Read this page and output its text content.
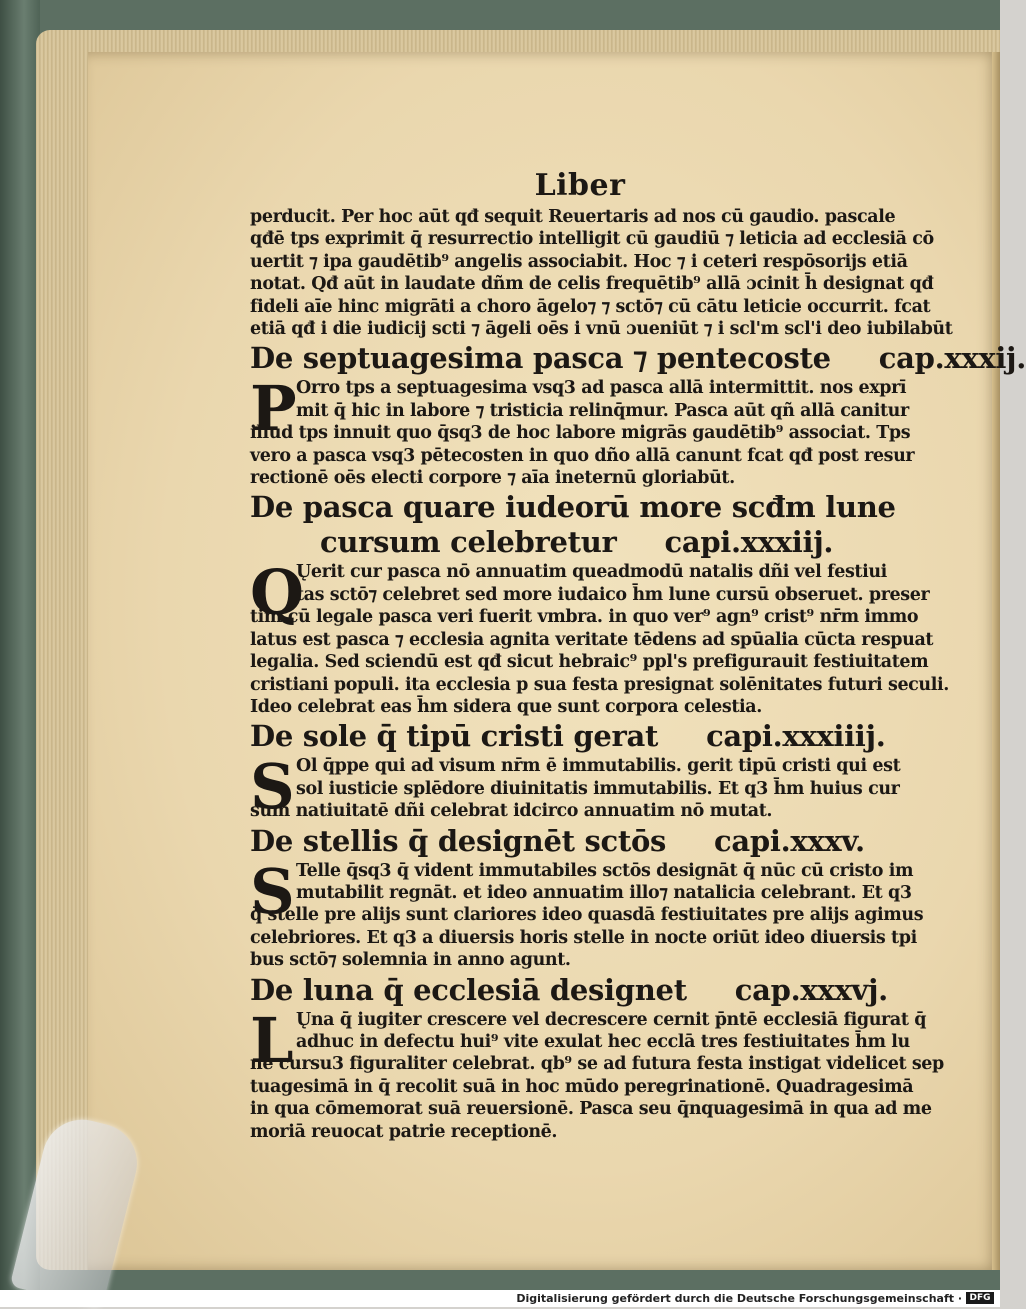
Liber
perducit. Per hoc aūt qđ sequit Reuertaris ad nos cū gaudio. pascale
qđē tps exprimit q̄ resurrectio intelligit cū gaudiū ⁊ leticia ad ecclesiā cō
uertit ⁊ ipa gaudētib⁹ angelis associabit. Hoc ⁊ i ceteri respōsorijs etiā
notat. Qđ aūt in laudate dñm de celis frequētib⁹ allā ɔcinit h̄ designat qđ
fideli aīe hinc migrāti a choro āgelo⁊ ⁊ sctō⁊ cū cātu leticie occurrit. fcat
etiā qđ i die iudicij scti ⁊ āgeli oēs i vnū ɔueniūt ⁊ i scl'm scl'i deo iubilabūt
De septuagesima pasca ⁊ pentecoste cap.xxxij.
P Orro tps a septuagesima vsq3 ad pasca allā intermittit. nos exprī
mit q̄ hic in labore ⁊ tristicia relinq̄mur. Pasca aūt qñ allā canitur
illud tps innuit quo q̄sq3 de hoc labore migrās gaudētib⁹ associat. Tps
vero a pasca vsq3 pētecosten in quo dño allā canunt fcat qđ post resur
rectionē oēs electi corpore ⁊ aīa ineternū gloriabūt.
De pasca quare iudeorū more scđm lune
cursum celebretur capi.xxxiij.
Q
Ųerit cur pasca nō annuatim queadmodū natalis dñi vel festiui
tas sctō⁊ celebret sed more iudaico h̄m lune cursū obseruet. preser
tim cū legale pasca veri fuerit vmbra. in quo ver⁹ agn⁹ crist⁹ nr̄m immo
latus est pasca ⁊ ecclesia agnita veritate tēdens ad spūalia cūcta respuat
legalia. Sed sciendū est qđ sicut hebraic⁹ ppl's prefigurauit festiuitatem
cristiani populi. ita ecclesia p sua festa presignat solēnitates futuri seculi.
Ideo celebrat eas h̄m sidera que sunt corpora celestia.
De sole q̄ tipū cristi gerat capi.xxxiiij.
S Ol q̄ppe qui ad visum nr̄m ē immutabilis. gerit tipū cristi qui est
sol iusticie splēdore diuinitatis immutabilis. Et q3 h̄m huius cur
sum natiuitatē dñi celebrat idcirco annuatim nō mutat.
De stellis q̄ designēt sctōs capi.xxxv.
S Telle q̄sq3 q̄ vident immutabiles sctōs designāt q̄ nūc cū cristo im
mutabilit regnāt. et ideo annuatim illo⁊ natalicia celebrant. Et q3
q̄ stelle pre alijs sunt clariores ideo quasdā festiuitates pre alijs agimus
celebriores. Et q3 a diuersis horis stelle in nocte oriūt ideo diuersis tpi
bus sctō⁊ solemnia in anno agunt.
De luna q̄ ecclesiā designet cap.xxxvj.
L Ųna q̄ iugiter crescere vel decrescere cernit p̄ntē ecclesiā figurat q̄
adhuc in defectu hui⁹ vite exulat hec ecclā tres festiuitates h̄m lu
ne cursu3 figuraliter celebrat. qb⁹ se ad futura festa instigat videlicet sep
tuagesimā in q̄ recolit suā in hoc mūdo peregrinationē. Quadragesimā
in qua cōmemorat suā reuersionē. Pasca seu q̄nquagesimā in qua ad me
moriā reuocat patrie receptionē.
Digitalisierung gefördert durch die Deutsche Forschungsgemeinschaft · DFG
